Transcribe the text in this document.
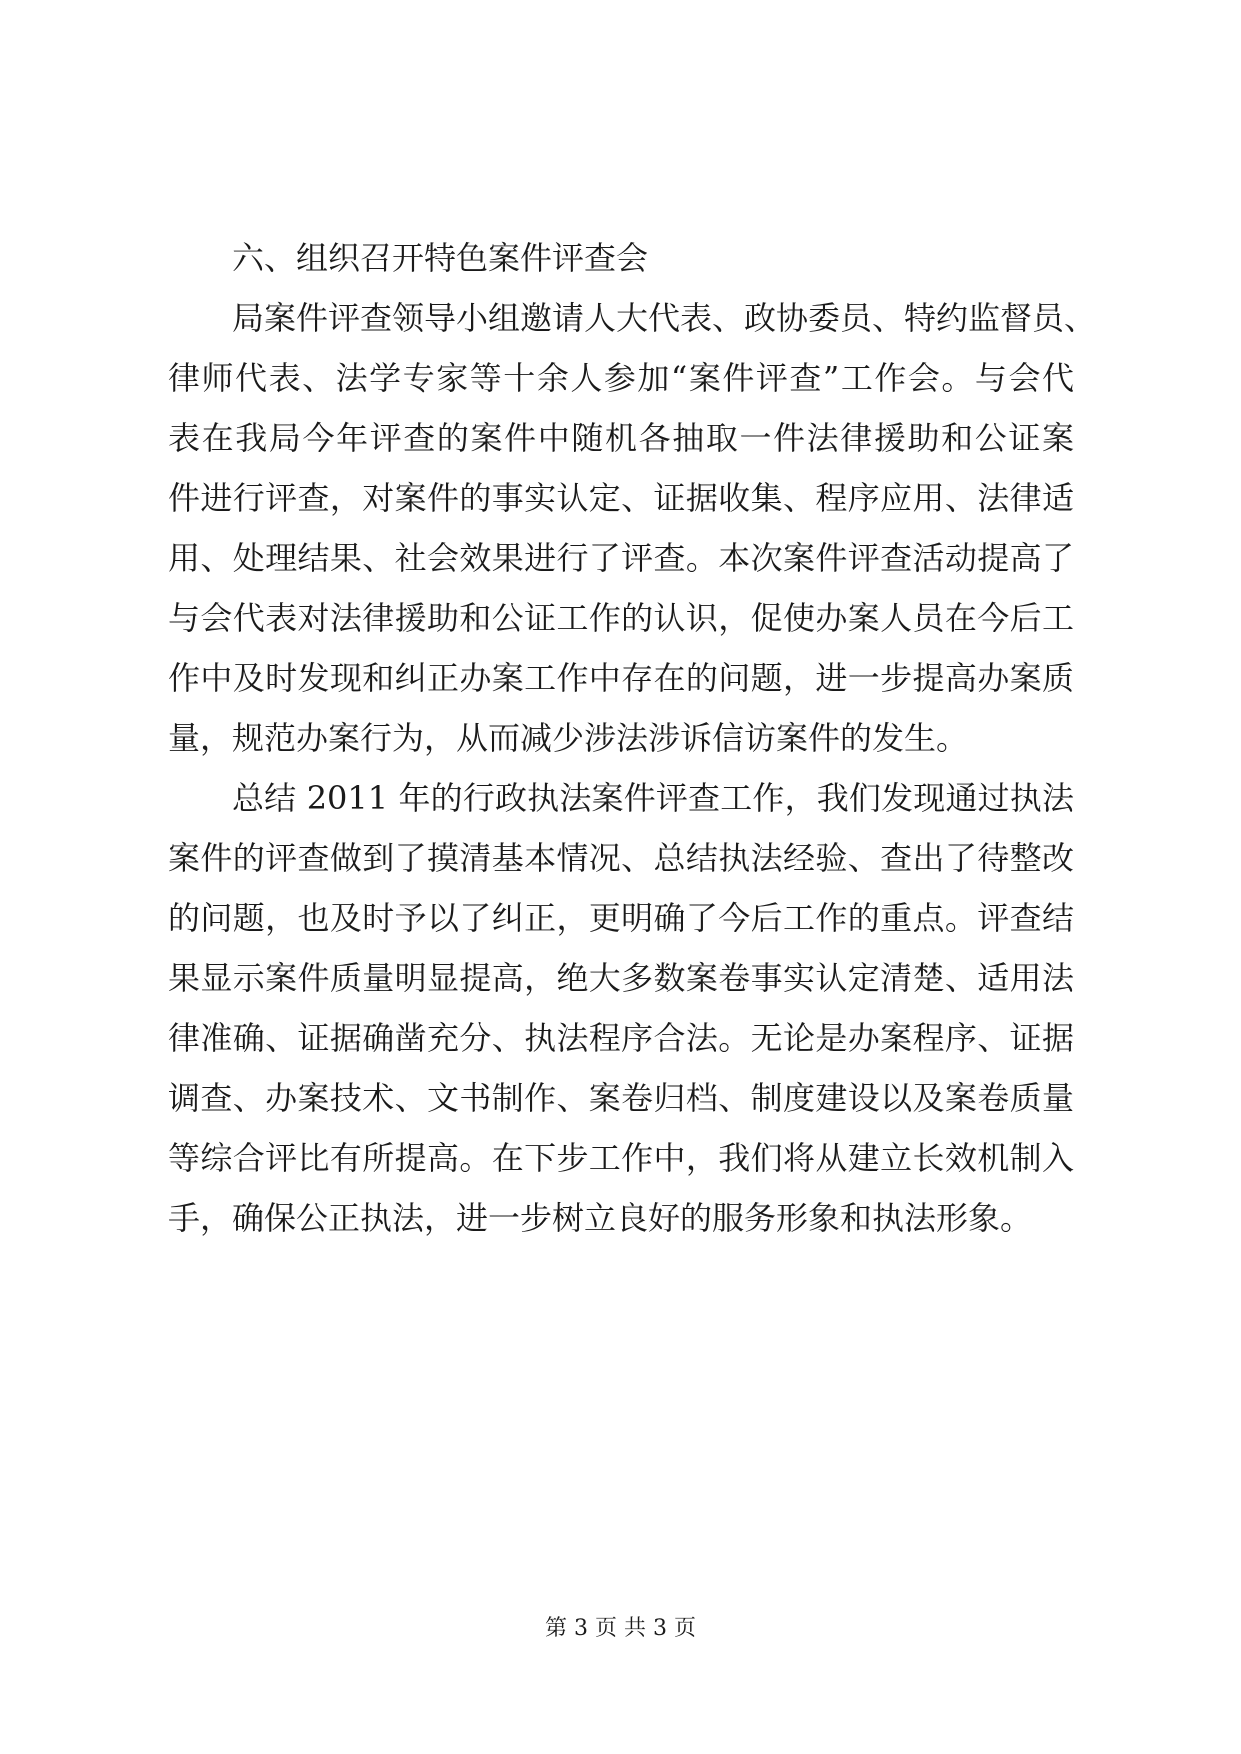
六、组织召开特色案件评查会

局案件评查领导小组邀请人大代表、政协委员、特约监督员、

律师代表、法学专家等十余人参加“案件评查”工作会。与会代

表在我局今年评查的案件中随机各抽取一件法律援助和公证案

件进行评查，对案件的事实认定、证据收集、程序应用、法律适

用、处理结果、社会效果进行了评查。本次案件评查活动提高了

与会代表对法律援助和公证工作的认识，促使办案人员在今后工

作中及时发现和纠正办案工作中存在的问题，进一步提高办案质

量，规范办案行为，从而减少涉法涉诉信访案件的发生。

总结 2011 年的行政执法案件评查工作，我们发现通过执法

案件的评查做到了摸清基本情况、总结执法经验、查出了待整改

的问题，也及时予以了纠正，更明确了今后工作的重点。评查结

果显示案件质量明显提高，绝大多数案卷事实认定清楚、适用法

律准确、证据确凿充分、执法程序合法。无论是办案程序、证据

调查、办案技术、文书制作、案卷归档、制度建设以及案卷质量

等综合评比有所提高。在下步工作中，我们将从建立长效机制入

手，确保公正执法，进一步树立良好的服务形象和执法形象。

第 3 页 共 3 页
